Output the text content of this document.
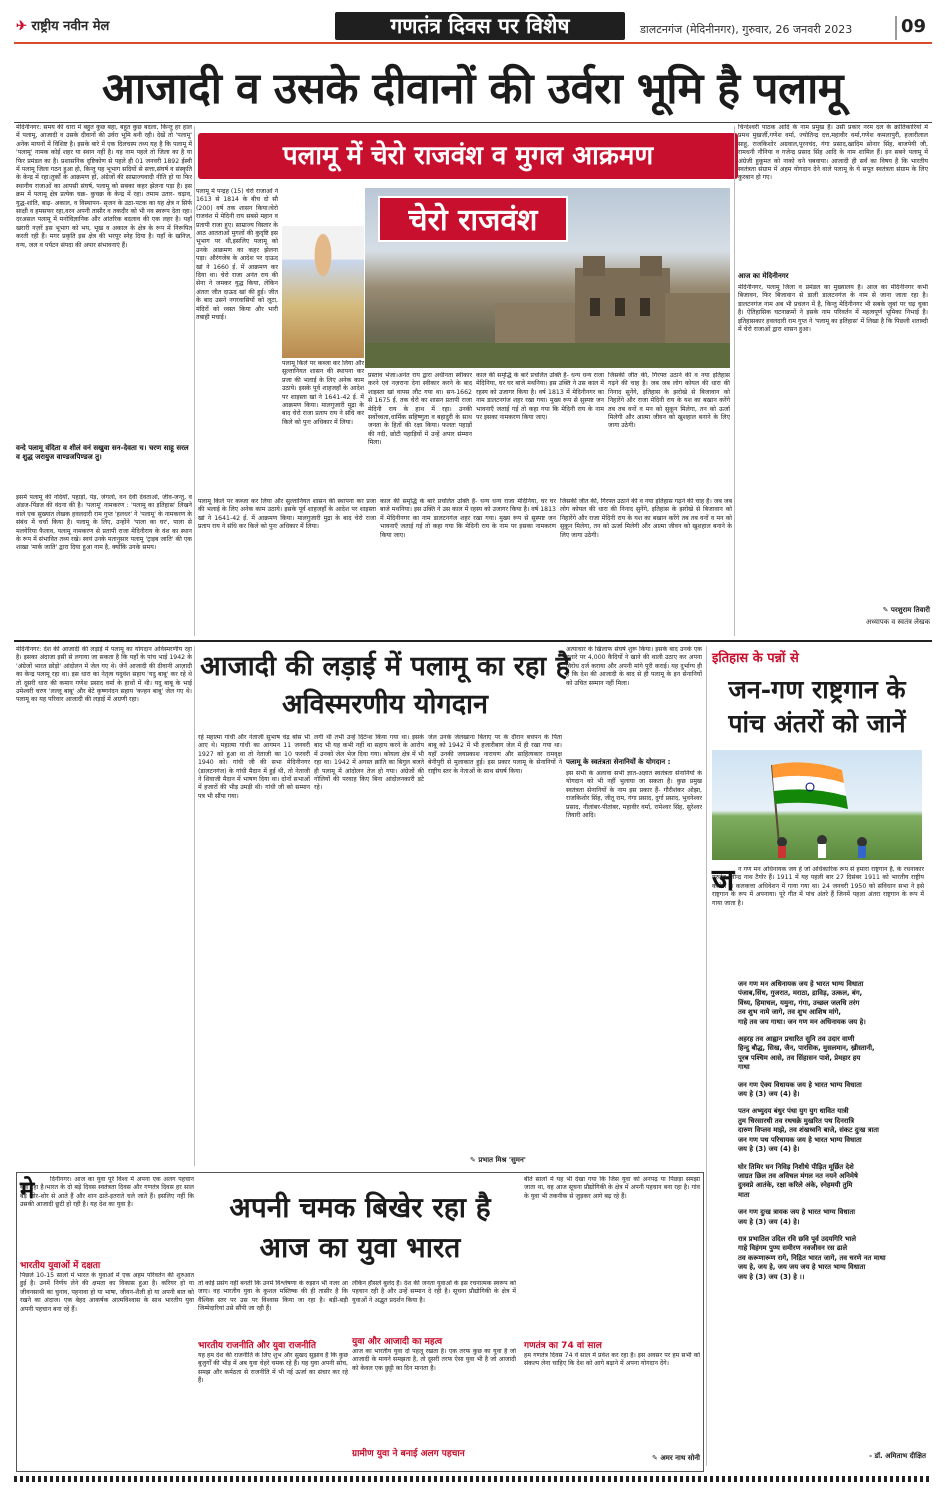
✈ राष्ट्रीय नवीन मेल	गणतंत्र दिवस पर विशेष	डालटनगंज (मेदिनीनगर), गुरुवार, 26 जनवरी 2023	09
आजादी व उसके दीवानों की उर्वरा भूमि है पलामू
मेदिनीनगर: समय की धारा में बहुत कुछ बहा, बहुत कुछ बदला, किन्तु हर हाल में पलामू, आजादी व उसके दीवानों की उर्वरा भूमि बनी रही। देखें तो 'पलामू' अनेक मायनों में विशिष्ट है। इसके बारे में एक दिलचस्प तथ्य यह है कि पलामू में 'पलामू' नामक कोई शहर या स्थान नहीं है। यह नाम पहले तो जिला का है या फिर प्रमंडल का है। प्रशासनिक दृष्टिकोण से पहले ही 01 जनवरी 1892 ईस्वी में पलामू जिला गठन हुआ हो, किन्तु यह भूभाग सदियों से सत्ता,संघर्ष व संस्कृति के केन्द्र में रहा।तुर्कों के आक्रमण हों, अंग्रेजों की साम्राज्यवादी नीति हो या फिर स्थानीय राजाओं का आपसी संघर्ष, पलामू को सबका कहर झेलना पड़ा है। इस क्रम में पलामू क्षेत्र प्रत्येक चक्र- कुचक्र के केन्द्र में रहा। तमाम उतार- चढ़ाव, युद्ध-शांति, बाढ़- अकाल, व विस्थापन- सृजन के उठा-पटक का यह क्षेत्र न सिर्फ साक्षी व हमसफर रहा,वरन अपनी तासीर व तकदीर को भी नव स्वरूप देता रहा।दरअसल पलामू में मनोविज्ञानिक और आंतरिक बदलाव की एक लहर है। यहाँ खरारी नज़रें इस भूभाग को भय, भूख व अकाल के क्षेत्र के रूप में निरूपित करती रही हैं। मगर प्रकृति इस क्षेत्र की भरपूर स्नेह दिया है। यहाँ के खनिज, वन्य, जल व पर्यटन संपदा की अपार संभावनाएं हैं।
वन्दे पलामू वंदिता व शीलं वनं सखुवा सन-देवता च। चरण साहू सरल व शुद्ध जरायुज वाण्डजपिण्डज तु।
इसमें पलामू की नदियाँ, पहाड़ों, पेड़, जंगलों, वन देवी देवताओं, जीव-जन्तु, व अंडज-पिंडज की वंदना की है। 'पलामू' नामकरण : 'पलामू का इतिहास' लिखने वाले एक सुख्यात लेखक हवलदारी राम गुप्त 'हलधर' ने 'पलामू' के नामकरण के संबंध में चर्चा किया है। पलामू के लिए, उन्होंने 'पाला का घर', पाला से मलयेरिया फैलाव, पलामू नामकरण से प्रतापी राजा मेदिनीराय के वंश का स्थान के रूप में संभावित तथ्य रखे। स्वयं उनके मतानुसार पलामू 'ट्राइब जाति' की एक शाखा 'मार्क जाति' द्वारा दिया हुआ नाम है, क्योंकि उनके समय।
पलामू में चेरो राजवंश व मुगल आक्रमण
पलामू में पन्द्रह (15) चेरो राजाओं ने 1613 से 1814 के बीच दो सौ (200) वर्ष तक शासन किया।चेरो राजवंश में मेदिनी राय सबसे महान व प्रतापी राजा हुए। साम्राज्य विस्तार के आठ आतताओं मुगलों की कुदृष्टि इस भूभाग पर थी,इसलिए पलामू को उनके आक्रमण का कहर झेलना पड़ा। औरंगजेब के आदेश पर दाऊद खां ने 1660 ई. में आक्रमण कर दिया था। चेरो राजा अनंत राय की सेना ने जमकर युद्ध किया, लेकिन अंततः जीत दाऊद खां की हुई। जीत के बाद उसने नगरवासियों को लूटा, मंदिरों को ध्वस्त किया और भारी तबाही मचाई।
चेरो राजवंश
पलामू किले पर कब्जा कर लिया और सुल्तानियत शासन की स्थापना कर प्रजा की भलाई के लिए अनेक काम उठाये। इसके पूर्व शाहजहाँ के आदेश पर शाइस्ता खां ने 1641-42 ई. में आक्रमण किया। मालगुजारी मुद्रा के बाद चेरो राजा प्रताप राय ने संधि कर किले को पुनः अधिकार में लिया।
प्रस्ताव भेजा।अनंत राय द्वारा अधीनता स्वीकार करने एवं नज़राना देना स्वीकार करने के बाद शाइस्ता खां वापस लौट गया था। सन-1662 से 1675 ई. तक चेरो का शासन प्रतापी राजा मेदिनी राय के हाथ में रहा। उनकी सर्वोच्चता,धार्मिक सहिष्णुता व बहादुरी के साथ जनता के हितों की रक्षा किया। फलतः पहाड़ों की नदी, छोटी पहाड़ियों में उन्हें अपार संम्मान मिला।
काल की समृद्धि के बारे प्रचलित उक्ति है- धन्य धन्य राजा मेदिनिया, घर घर बाजे मथनिया। इस उक्ति ने उस काल में रहस्य को उजागर किया है। वर्ष 1813 में मेदिनीनगर का नाम डालटनगंज शहर रखा गया। मुख्य रूप से सुस्पष्ट जन भावनाएँ जताई गई तो कहा गया कि मेदिनी राय के नाम पर इसका नामकरण किया जाए।
जिसकी जीत की, गिरफ्त उठाने की व नया इतिहास गढ़ने की चाह है। जब जब लोग कोयल की धारा की निनाद सुनेंगे, इतिहास के झरोखे से बिजावान को निहारेंगे और राजा मेदिनी राय के यश का बखान करेंगे तब तब वनों व मन को सुकून मिलेगा, तन को ऊर्जा मिलेगी और आत्मा जीवन को खुशहाल बनाने के लिए जागा उठेगी।
पलामू किले पर कब्जा कर लिया और सुल्तानियत शासन की स्थापना कर प्रजा की भलाई के लिए अनेक काम उठाये। इसके पूर्व शाहजहाँ के आदेश पर शाइस्ता खां ने 1641-42 ई. में आक्रमण किया। मालगुजारी मुद्रा के बाद चेरो राजा प्रताप राय ने संधि कर किले को पुनः अधिकार में लिया।
काल की समृद्धि के बारे प्रचलित उक्ति है- धन्य धन्य राजा मेदिनिया, घर घर बाजे मथनिया। इस उक्ति ने उस काल में रहस्य को उजागर किया है। वर्ष 1813 में मेदिनीनगर का नाम डालटनगंज शहर रखा गया। मुख्य रूप से सुस्पष्ट जन भावनाएँ जताई गई तो कहा गया कि मेदिनी राय के नाम पर इसका नामकरण किया जाए।
जिसकी जीत की, गिरफ्त उठाने की व नया इतिहास गढ़ने की चाह है। जब जब लोग कोयल की धारा की निनाद सुनेंगे, इतिहास के झरोखे से बिजावान को निहारेंगे और राजा मेदिनी राय के यश का बखान करेंगे तब तब वनों व मन को सुकून मिलेगा, तन को ऊर्जा मिलेगी और आत्मा जीवन को खुशहाल बनाने के लिए जागा उठेगी।
चिन्देश्वरी पाठक आदि के नाम प्रमुख हैं। उसी प्रकार नरम दल के क्रांतिकारियों में प्रमथ मुखर्जी,गणेश वर्मा, ज्योतिन्द्र दत्त,महावीर वर्मा,गणेश कमलापुरी, हजारीलाल साहू, राजकिशोर अग्रवाल,पूरनचंद, गंगा प्रसाद,खादिम सोनार सिंह, बाजपेयी जी, रामधनी नौनिया व गजेन्द्र प्रसाद सिंह आदि के नाम शामिल हैं। इन सबने पलामू में अंग्रेजी हुकूमत को नाको चने चबवाया। आजादी ही सर्वं का विषय है कि भारतीय स्वतंत्रता संग्राम में अहम योगदान देने वाले पलामू के ये सपूत स्वतंत्रता संग्राम के लिए कुरबान हो गए।
आज का मेदिनीनगर
मेदिनीनगर, पलामू जिला व प्रमंडल का मुख्यालय है। आज का मेदिनीनगर कभी बिजावन, फिर बिजावान से डाली डालटनगंज के नाम से जाना जाता रहा है। डालटनगंज नाम अब भी प्रचलन में है, किन्तु मेदिनीनगर भी सबके जुबां पर चढ़ चुका है। ऐतिहासिक घटनाक्रमों ने इसके नाम परिवर्तन में महत्वपूर्ण भूमिका निभाई है। इतिहासकार हवलदारी राम गुप्त ने 'पलामू का इतिहास' में लिखा है कि पिछली शताब्दी में चेरो राजाओं द्वारा शासन हुआ।
✎ परशुराम तिवारी
अध्यापक व स्वतंत्र लेखक
मेदिनीनगर: देश की आजादी की लड़ाई में पलामू का योगदान अविस्मरणीय रहा है। इसका अंदाजा इसी से लगाया जा सकता है कि यहाँ के पांच भाई 1942 के 'अंग्रेजों भारत छोड़ो' आंदोलन में जेल गए थे। जेनें आजादी की दीवानी आज़ादी का केन्द्र पलामू रहा था। इस धारा का नेतृत्व यदुवंश सहाय 'यदु बाबू' कर रहे थे तो दूसरी धारा की कमान गणेश प्रसाद वर्मा के हाथों में थी। यदु बाबू के भाई उमेश्वरी चरण 'लल्लू बाबू' और बेटे कृष्णनंदन सहाय 'कन्हन बाबू' जेल गए थे। पलामू का यह परिवार आजादी की लड़ाई में अग्रणी रहा।
आजादी की लड़ाई में पलामू का रहा है अविस्मरणीय योगदान
रहे महात्मा गांधी और नेताजी सुभाष चंद्र बोस भी आए थे। महात्मा गांधी का आगमन 11 जनवरी 1927 को हुआ था तो नेताजी का 10 फरवरी 1940 को। गांधी जी की सभा मेदिनीनगर (डालटनगंज) के गांधी मैदान में हुई थी, तो नेताजी ने शिवाजी मैदान में भाषण दिया था। दोनों सभाओं में हजारों की भीड़ उमड़ी थी। गांधी जी को सम्मान पत्र भी सौंपा गया।
लगी थी तभी उन्हें दिटेन्श किया गया था। इसके बाद भी यह कभी नहीं था सहाय करने के आरोप में उनको जेल भेज दिया गया। कोयला क्षेत्र में भी रहा था। 1942 में अगस्त क्रांति का बिगुल बजते ही पलामू में आंदोलन तेज हो गया। अंग्रेजों की गोलियों की परवाह किए बिना आंदोलनकारी डटे रहे।
जेल उनके जेलखाना बिताए पर के दौरान बचपन के पिता बाबू को 1942 में भी हजारीबाग जेल में ही रखा गया था। यहाँ उनकी जयप्रकाश नारायण और साहित्यकार रामवृक्ष बेनीपुरी से मुलाकात हुई। इस प्रकार पलामू के सेनानियों ने राष्ट्रीय स्तर के नेताओं के साथ संघर्ष किया।
✎ प्रभात मिश्र 'सुमन'
अत्याचार के खिलाफ संघर्ष शुरू किया। इसके बाद उनके एक इशारे पर 4,000 कैदियों ने खाने की थाली उठाए कर अपना विरोध दर्ज कराया और अपनी मांगे पूरी कराई। यह दुर्भाग्य ही है कि देश की आजादी के बाद से ही पलामू के इन सेनानियों को उचित सम्मान नहीं मिला।
पलामू के स्वतंत्रता सेनानियों के योगदान :
इस सभी के अलावा सभी ज्ञात-अज्ञात स्वतंत्रता सेनानियों के योगदान को भी नहीं भुलाया जा सकता है। कुछ प्रमुख स्वतंत्रता सेनानियों के नाम इस प्रकार हैं- गौरीशंकर ओझा, राजकिशोर सिंह, जीतू राम, गंगा प्रसाद, दुर्गा प्रसाद, भुवनेश्वर प्रसाद, नीलांबर-पीतांबर, महावीर वर्मा, रामेश्वर सिंह, सुरेश्वर तिवारी आदि।
इतिहास के पन्नों से
जन-गण राष्ट्रगान के पांच अंतरों को जानें
ज न गण मन अधिनायक जय हे जो अधिकारिक रूप से हमारा राष्ट्रगान है, के रचनाकार गुरुदेव रवीन्द्र नाथ टैगोर हैं। 1911 में यह पहली बार 27 दिसंबर 1911 को भारतीय राष्ट्रीय कांग्रेस के कलकत्ता अधिवेशन में गाया गया था। 24 जनवरी 1950 को संविधान सभा ने इसे राष्ट्रगान के रूप में अपनाया। पूरे गीत में पांच अंतरे हैं जिनमें पहला अंतरा राष्ट्रगान के रूप में गाया जाता है।
जन गण मन अधिनायक जय हे भारत भाग्य विधाता
पंजाब,सिंध, गुजरात, मराठा, द्राविड़, उत्कल, बंग,
विंध्य, हिमाचल, यमुना, गंगा, उच्छल जलधि तरंग
तव शुभ नामे जागे, तव शुभ आशिष मांगे,
गाहे तव जय गाथा। जन गण मन अधिनायक जय हे।
अहरह तव आह्वान प्रचारित सुनि तव उदार वाणी
हिन्दु बौद्ध, सिख, जैन, पारसिक, मुसलमान, ख्रीस्तानी,
पूरब पश्चिम आसे, तव सिंहासन पाशे, प्रेमहार हय
गाथा
जन गण ऐक्य विधायक जय हे भारत भाग्य विधाता
जय हे (3) जय (4) हे।
पतन अभ्युदय बंधुर पंथा युग युग धावित यात्री
तुम चिरसारथी तव रथचक्रे मुखरित पथ दिनरात्रि
दारुण विप्लव माझे, तव शंखध्वनि बाजे, संकट दुःख त्राता
जन गण पथ परिचायक जय हे भारत भाग्य विधाता
जय हे (3) जय (4) हे।
घोर तिमिर घन निविड़ निशीथे पीड़ित मूर्छित देशे
जाग्रत छिल तव अविचल मंगल नत नयने अनिमेषे
दुःस्वप्ने आतंके, रक्षा करिले अंके, स्नेहमयी तुमि
माता
जन गण दुःख त्रायक जय हे भारत भाग्य विधाता
जय हे (3) जय (4) हे।
रात्र प्रभातिल उदिल रवि छवि पूर्व उदयगिरि भाले
गाहे विहंगम पुण्य समीरण नवजीवन रस ढाले
तव करूणारूण रागे, निद्रित भारत जागे, तव चरणे नत माथा
जय हे, जय हे, जय जय जय हे भारत भाग्य विधाता
जय हे (3) जय (3) हे ।।
- डॉ. अमिताभ दीक्षित
मे	दिनीनगर। आज का युवा पूरे विश्व में अपना एक अलग पहचान बना रहा है।भारत के दो बड़े दिवस स्वतंत्रता दिवस और गणतंत्र दिवस हर साल बड़े जोर-शोर से आते हैं और शान ढाते-इतराते चले जाते हैं। इसलिए नहीं कि उसकी आजादी छूटी हो रही है। यह देश का युवा है।
भारतीय युवाओं में दक्षता
पिछले 10-15 सालों में भारत के युवाओं में एक अहम परिवर्तन की शुरुआत हुई है। उनमें निर्णय लेने की क्षमता का विकास हुआ है। करियर हो या जीवनसाथी का चुनाव, पहनावा हो या भाषा, जीवन-शैली हो या अपनी बात को रखने का अंदाज। एक बेहद आकर्षक आत्मविश्वास के साथ भारतीय युवा अपनी पहचान बना रहे हैं।
अपनी चमक बिखेर रहा है आज का युवा भारत
तो कोई प्रसंग नहीं बनती कि उनमें विश्लेषणा के रुझान भी नजर आ जाए। वह भारतीय युवा के कुशल मस्तिष्क की ही तासीर है कि वैश्विक स्तर पर उस पर विश्वास किया जा रहा है। बड़ी-बड़ी जिम्मेदारियां उसे सौंपी जा रही हैं।
भारतीय राजनीति और युवा राजनीति
यह हम देश की राजनीति के लिए शुभ और सुखद सुझाव है कि कुछ बुजुर्गों की भीड़ में अब युवा चेहरे चमक रहे हैं। यह युवा अपनी सोच, समझ और कर्मठता से राजनीति में भी नई ऊर्जा का संचार कर रहे हैं।
लेकिन हौसले बुलंद हैं। देश की जनता युवाओं के इस रचनात्मक स्वरूप को पहचान रही है और उन्हें सम्मान दे रही है। सूचना प्रौद्योगिकी के क्षेत्र में युवाओं ने अद्भुत प्रदर्शन किया है।
युवा और आजादी का महत्व
आज का भारतीय युवा दो पहलू रखता है। एक तरफ कुछ का युवा है जो आजादी के मायने समझता है, तो दूसरी तरफ ऐसा युवा भी है जो आजादी को केवल एक छुट्टी का दिन मानता है।
ग्रामीण युवा ने बनाई अलग पहचान
बीते सालों में यह भी देखा गया कि जिस युवा को अनपढ़ या पिछड़ा समझा जाता था, वह आज सूचना प्रौद्योगिकी के क्षेत्र में अपनी पहचान बना रहा है। गांव के युवा भी तकनीक से जुड़कर आगे बढ़ रहे हैं।
गणतंत्र का 74 वां साल
हम गणतंत्र दिवस 74 वें साल में प्रवेश कर रहा है। इस अवसर पर हम सभी को संकल्प लेना चाहिए कि देश को आगे बढ़ाने में अपना योगदान देंगे।
✎ अमर नाथ सोनी
